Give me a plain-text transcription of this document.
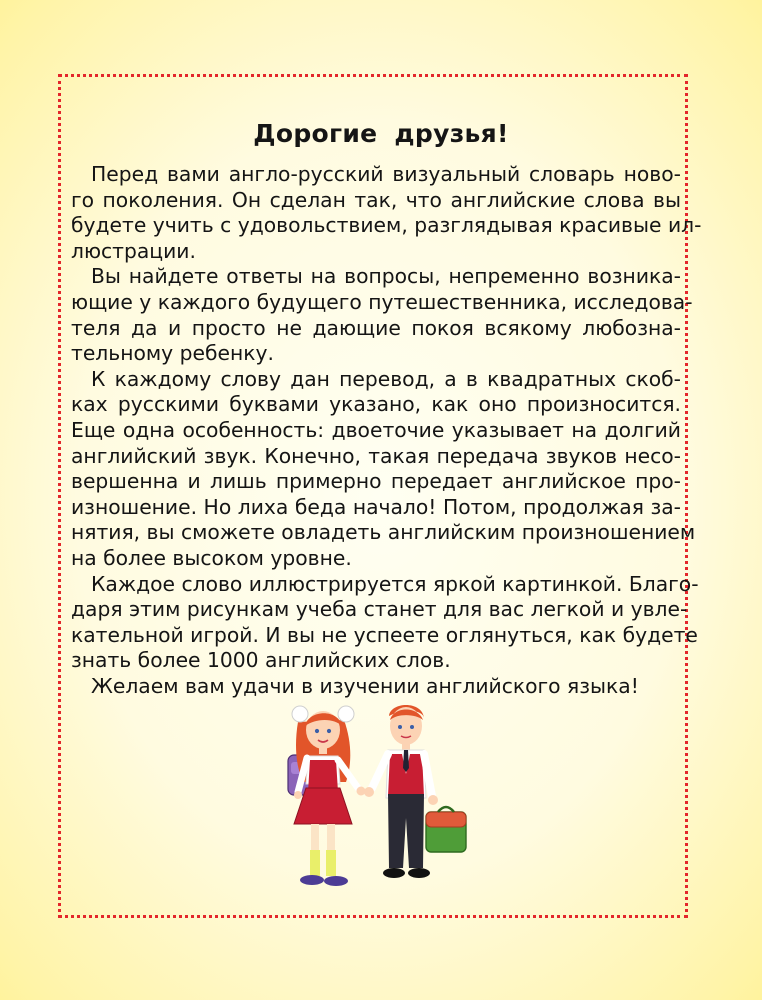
Дорогие друзья!
Перед вами англо-русский визуальный словарь ново-
го поколения. Он сделан так, что английские слова вы
будете учить с удовольствием, разглядывая красивые ил-
люстрации.
Вы найдете ответы на вопросы, непременно возника-
ющие у каждого будущего путешественника, исследова-
теля да и просто не дающие покоя всякому любозна-
тельному ребенку.
К каждому слову дан перевод, а в квадратных скоб-
ках русскими буквами указано, как оно произносится.
Еще одна особенность: двоеточие указывает на долгий
английский звук. Конечно, такая передача звуков несо-
вершенна и лишь примерно передает английское про-
изношение. Но лиха беда начало! Потом, продолжая за-
нятия, вы сможете овладеть английским произношением
на более высоком уровне.
Каждое слово иллюстрируется яркой картинкой. Благо-
даря этим рисункам учеба станет для вас легкой и увле-
кательной игрой. И вы не успеете оглянуться, как будете
знать более 1000 английских слов.
Желаем вам удачи в изучении английского языка!
